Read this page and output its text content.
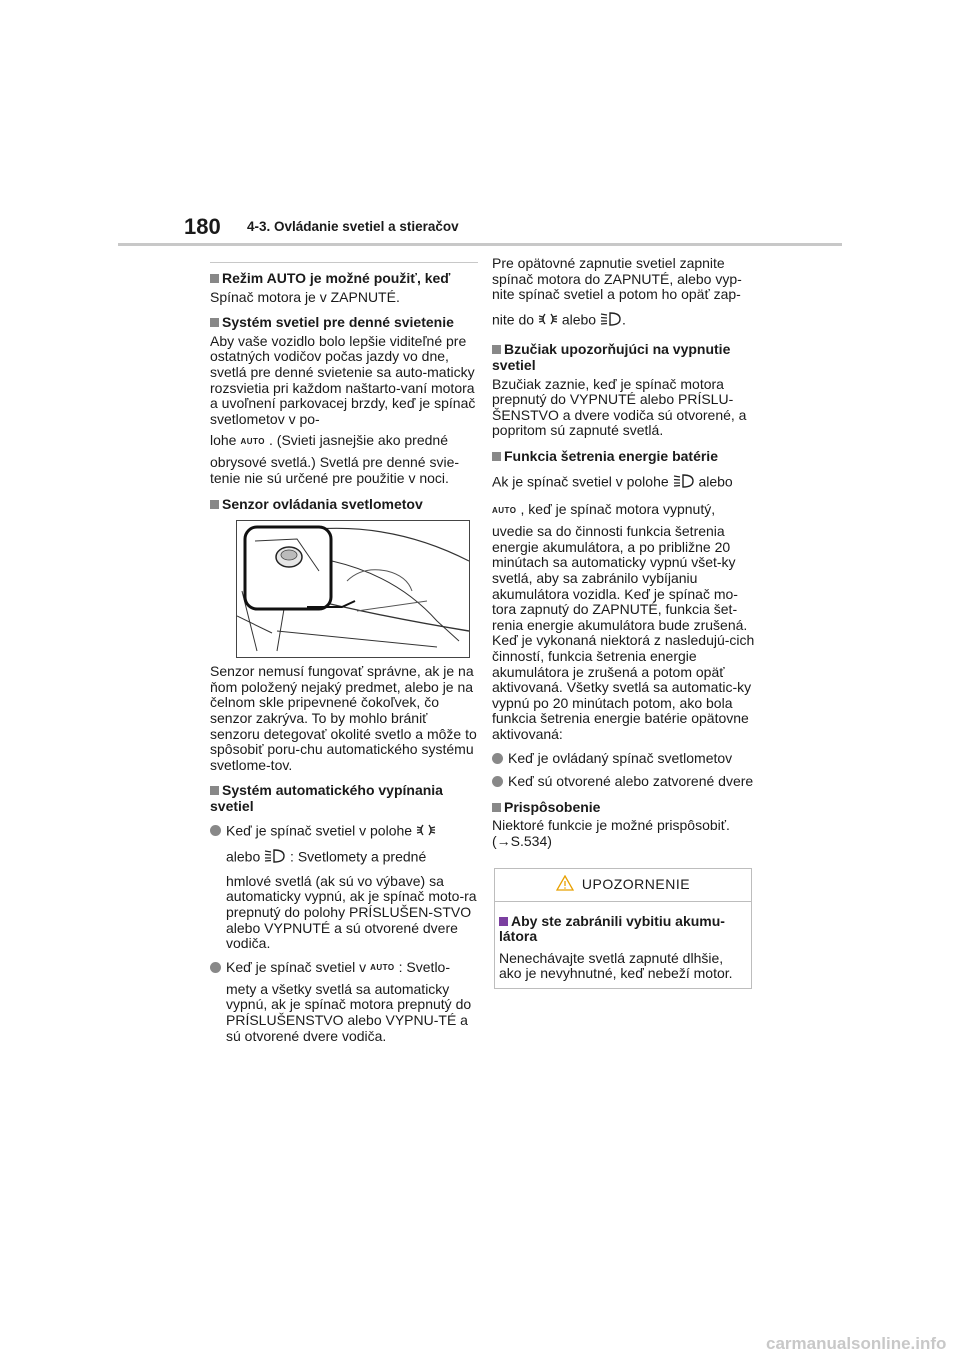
180 4-3. Ovládanie svetiel a stieračov
Režim AUTO je možné použiť, keď
Spínač motora je v ZAPNUTÉ.
Systém svetiel pre denné svietenie
Aby vaše vozidlo bolo lepšie viditeľné pre ostatných vodičov počas jazdy vo dne, svetlá pre denné svietenie sa auto-maticky rozsvietia pri každom naštarto-vaní motora a uvoľnení parkovacej brzdy, keď je spínač svetlometov v po-
lohe AUTO . (Svieti jasnejšie ako predné
obrysové svetlá.) Svetlá pre denné svie-tenie nie sú určené pre použitie v noci.
Senzor ovládania svetlometov
Senzor nemusí fungovať správne, ak je na ňom položený nejaký predmet, alebo je na čelnom skle pripevnené čokoľvek, čo senzor zakrýva. To by mohlo brániť senzoru detegovať okolité svetlo a môže to spôsobiť poru-chu automatického systému svetlome-tov.
Systém automatického vypínania svetiel
Keď je spínač svetiel v polohe
alebo : Svetlomety a predné
hmlové svetlá (ak sú vo výbave) sa automaticky vypnú, ak je spínač moto-ra prepnutý do polohy PRÍSLUŠEN-STVO alebo VYPNUTÉ a sú otvorené dvere vodiča.
Keď je spínač svetiel v AUTO : Svetlo-
mety a všetky svetlá sa automaticky vypnú, ak je spínač motora prepnutý do PRÍSLUŠENSTVO alebo VYPNU-TÉ a sú otvorené dvere vodiča.
Pre opätovné zapnutie svetiel zapnite spínač motora do ZAPNUTÉ, alebo vyp-nite spínač svetiel a potom ho opäť zap-
nite do alebo .
Bzučiak upozorňujúci na vypnutie svetiel
Bzučiak zaznie, keď je spínač motora prepnutý do VYPNUTÉ alebo PRÍSLU-ŠENSTVO a dvere vodiča sú otvorené, a popritom sú zapnuté svetlá.
Funkcia šetrenia energie batérie
Ak je spínač svetiel v polohe alebo
AUTO , keď je spínač motora vypnutý,
uvedie sa do činnosti funkcia šetrenia energie akumulátora, a po približne 20 minútach sa automaticky vypnú všet-ky svetlá, aby sa zabránilo vybíjaniu akumulátora vozidla. Keď je spínač mo-tora zapnutý do ZAPNUTÉ, funkcia šet-renia energie akumulátora bude zrušená. Keď je vykonaná niektorá z nasledujú-cich činností, funkcia šetrenia energie akumulátora je zrušená a potom opäť aktivovaná. Všetky svetlá sa automatic-ky vypnú po 20 minútach potom, ako bola funkcia šetrenia energie batérie opätovne aktivovaná:
Keď je ovládaný spínač svetlometov
Keď sú otvorené alebo zatvorené dvere
Prispôsobenie
Niektoré funkcie je možné prispôsobiť. (→S.534)
UPOZORNENIE
Aby ste zabránili vybitiu akumu-látora
Nenechávajte svetlá zapnuté dlhšie, ako je nevyhnutné, keď nebeží motor.
carmanualsonline.info
